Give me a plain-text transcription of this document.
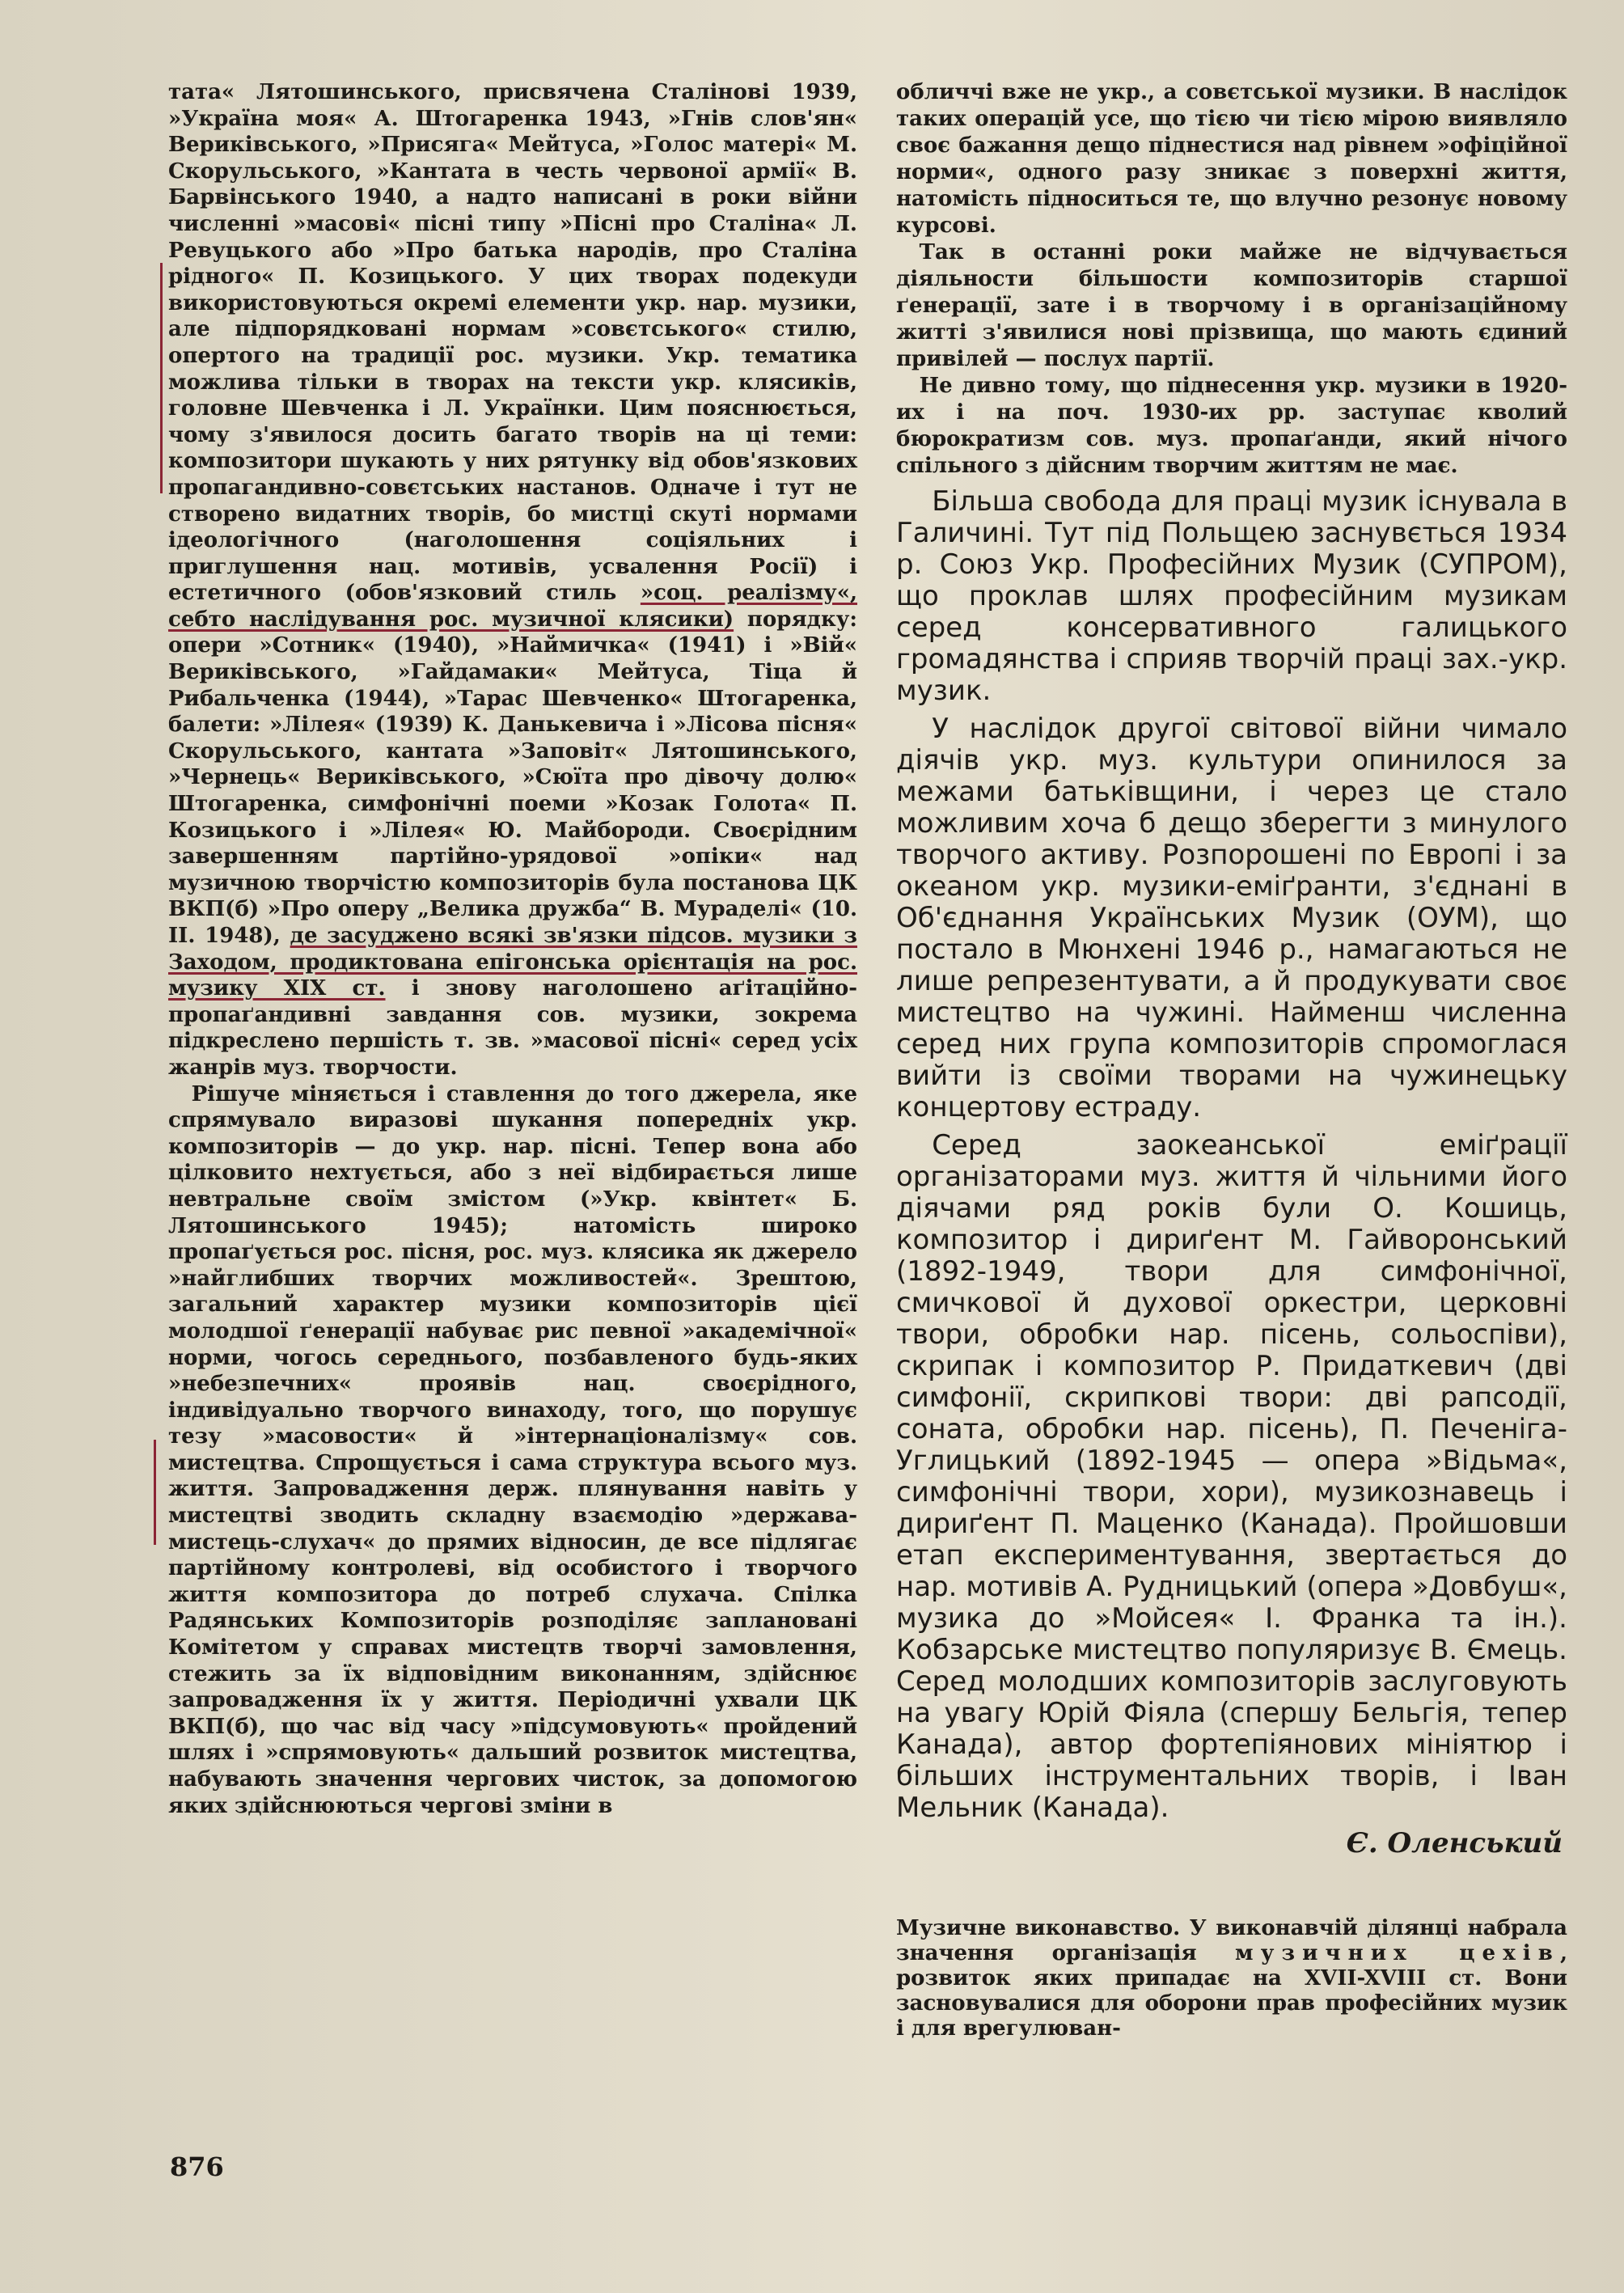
тата« Лятошинського, присвячена Сталінові 1939, »Україна моя« А. Штогаренка 1943, »Гнів слов'ян« Вериківського, »Присяга« Мейтуса, »Голос матері« М. Скорульського, »Кантата в честь червоної армії« В. Барвінського 1940, а надто написані в роки війни численні »масові« пісні типу »Пісні про Сталіна« Л. Ревуцького або »Про батька народів, про Сталіна рідного« П. Козицького. У цих творах подекуди використовуються окремі елементи укр. нар. музики, але підпорядковані нормам »совєтського« стилю, опертого на традиції рос. музики. Укр. тематика можлива тільки в творах на тексти укр. клясиків, головне Шевченка і Л. Українки. Цим пояснюється, чому з'явилося досить багато творів на ці теми: композитори шукають у них рятунку від обов'язкових пропагандивно-совєтських настанов. Одначе і тут не створено видатних творів, бо мистці скуті нормами ідеологічного (наголошення соціяльних і приглушення нац. мотивів, усвалення Росії) і естетичного (обов'язковий стиль »соц. реалізму«, себто наслідування рос. музичної клясики) порядку: опери »Сотник« (1940), »Наймичка« (1941) і »Вій« Вериківського, »Гайдамаки« Мейтуса, Тіца й Рибальченка (1944), »Тарас Шевченко« Штогаренка, балети: »Лілея« (1939) К. Данькевича і »Лісова пісня« Скорульського, кантата »Заповіт« Лятошинського, »Чернець« Вериківського, »Сюїта про дівочу долю« Штогаренка, симфонічні поеми »Козак Голота« П. Козицького і »Лілея« Ю. Майбороди. Своєрідним завершенням партійно-урядової »опіки« над музичною творчістю композиторів була постанова ЦК ВКП(б) »Про оперу „Велика дружба“ В. Мураделі« (10. II. 1948), де засуджено всякі зв'язки підсов. музики з Заходом, продиктована епігонська орієнтація на рос. музику XIX ст. і знову наголошено аґітаційно-пропаґандивні завдання сов. музики, зокрема підкреслено першість т. зв. »масової пісні« серед усіх жанрів муз. творчости.

Рішуче міняється і ставлення до того джерела, яке спрямувало виразові шукання попередніх укр. композиторів — до укр. нар. пісні. Тепер вона або цілковито нехтується, або з неї відбирається лише невтральне своїм змістом (»Укр. квінтет« Б. Лятошинського 1945); натомість широко пропаґується рос. пісня, рос. муз. клясика як джерело »найглибших творчих можливостей«. Зрештою, загальний характер музики композиторів цієї молодшої ґенерації набуває рис певної »академічної« норми, чогось середнього, позбавленого будь-яких »небезпечних« проявів нац. своєрідного, індивідуально творчого винаходу, того, що порушує тезу »масовости« й »інтернаціоналізму« сов. мистецтва. Спрощується і сама структура всього муз. життя. Запровадження держ. плянування навіть у мистецтві зводить складну взаємодію »держава-мистець-слухач« до прямих відносин, де все підлягає партійному контролеві, від особистого і творчого життя композитора до потреб слухача. Спілка Радянських Композиторів розподіляє заплановані Комітетом у справах мистецтв творчі замовлення, стежить за їх відповідним виконанням, здійснює запровадження їх у життя. Періодичні ухвали ЦК ВКП(б), що час від часу »підсумовують« пройдений шлях і »спрямовують« дальший розвиток мистецтва, набувають значення чергових чисток, за допомогою яких здійснюються чергові зміни в

обличчі вже не укр., а совєтської музики. В наслідок таких операцій усе, що тією чи тією мірою виявляло своє бажання дещо піднестися над рівнем »офіційної норми«, одного разу зникає з поверхні життя, натомість підноситься те, що влучно резонує новому курсові.

Так в останні роки майже не відчувається діяльности більшости композиторів старшої ґенерації, зате і в творчому і в організаційному житті з'явилися нові прізвища, що мають єдиний привілей — послух партії.

Не дивно тому, що піднесення укр. музики в 1920-их і на поч. 1930-их рр. заступає кволий бюрократизм сов. муз. пропаґанди, який нічого спільного з дійсним творчим життям не має.

Більша свобода для праці музик існувала в Галичині. Тут під Польщею заснувється 1934 р. Союз Укр. Професійних Музик (СУПРОМ), що проклав шлях професійним музикам серед консервативного галицького громадянства і сприяв творчій праці зах.-укр. музик.

У наслідок другої світової війни чимало діячів укр. муз. культури опинилося за межами батьківщини, і через це стало можливим хоча б дещо зберегти з минулого творчого активу. Розпорошені по Европі і за океаном укр. музики-еміґранти, з'єднані в Об'єднання Українських Музик (ОУМ), що постало в Мюнхені 1946 р., намагаються не лише репрезентувати, а й продукувати своє мистецтво на чужині. Найменш численна серед них група композиторів спромоглася вийти із своїми творами на чужинецьку концертову естраду.

Серед заокеанської еміґрації організаторами муз. життя й чільними його діячами ряд років були О. Кошиць, композитор і дириґент М. Гайворонський (1892-1949, твори для симфонічної, смичкової й духової оркестри, церковні твори, обробки нар. пісень, сольоспіви), скрипак і композитор Р. Придаткевич (дві симфонії, скрипкові твори: дві рапсодії, соната, обробки нар. пісень), П. Печеніга-Углицький (1892-1945 — опера »Відьма«, симфонічні твори, хори), музикознавець і дириґент П. Маценко (Канада). Пройшовши етап експериментування, звертається до нар. мотивів А. Рудницький (опера »Довбуш«, музика до »Мойсея« І. Франка та ін.). Кобзарське мистецтво популяризує В. Ємець. Серед молодших композиторів заслуговують на увагу Юрій Фіяла (спершу Бельгія, тепер Канада), автор фортепіянових мініятюр і більших інструментальних творів, і Іван Мельник (Канада).

Є. Оленський

Музичне виконавство. У виконавчій ділянці набрала значення організація музичних цехів, розвиток яких припадає на XVII-XVIII ст. Вони засновувалися для оборони прав професійних музик і для врегулюван-

876
